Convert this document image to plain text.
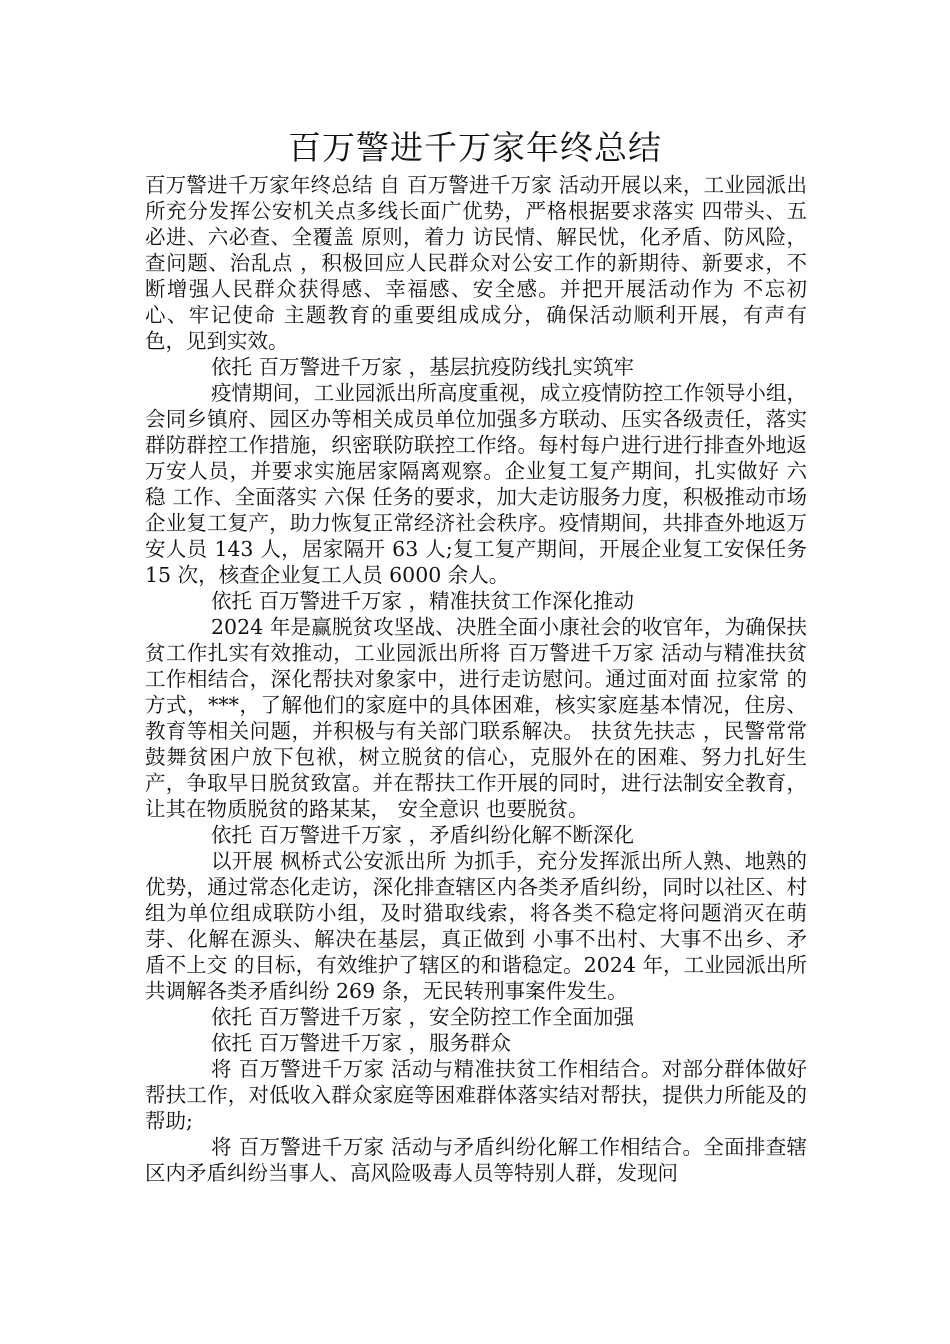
百万警进千万家年终总结

百万警进千万家年终总结 自 百万警进千万家 活动开展以来，工业园派出所充分发挥公安机关点多线长面广优势，严格根据要求落实 四带头、五必进、六必查、全覆盖 原则，着力 访民情、解民忧，化矛盾、防风险，查问题、治乱点 ，积极回应人民群众对公安工作的新期待、新要求，不断增强人民群众获得感、幸福感、安全感。并把开展活动作为 不忘初心、牢记使命 主题教育的重要组成成分，确保活动顺利开展，有声有色，见到实效。

依托 百万警进千万家 ，基层抗疫防线扎实筑牢

疫情期间，工业园派出所高度重视，成立疫情防控工作领导小组，会同乡镇府、园区办等相关成员单位加强多方联动、压实各级责任，落实群防群控工作措施，织密联防联控工作络。每村每户进行进行排查外地返万安人员，并要求实施居家隔离观察。企业复工复产期间，扎实做好 六稳 工作、全面落实 六保 任务的要求，加大走访服务力度，积极推动市场企业复工复产，助力恢复正常经济社会秩序。疫情期间，共排查外地返万安人员 143 人，居家隔开 63 人;复工复产期间，开展企业复工安保任务 15 次，核查企业复工人员 6000 余人。

依托 百万警进千万家 ，精准扶贫工作深化推动

2024 年是赢脱贫攻坚战、决胜全面小康社会的收官年，为确保扶贫工作扎实有效推动，工业园派出所将 百万警进千万家 活动与精准扶贫工作相结合，深化帮扶对象家中，进行走访慰问。通过面对面 拉家常 的方式，***，了解他们的家庭中的具体困难，核实家庭基本情况，住房、教育等相关问题，并积极与有关部门联系解决。 扶贫先扶志 ，民警常常鼓舞贫困户放下包袱，树立脱贫的信心，克服外在的困难、努力扎好生产，争取早日脱贫致富。并在帮扶工作开展的同时，进行法制安全教育，让其在物质脱贫的路某某， 安全意识 也要脱贫。

依托 百万警进千万家 ，矛盾纠纷化解不断深化

以开展 枫桥式公安派出所 为抓手，充分发挥派出所人熟、地熟的优势，通过常态化走访，深化排查辖区内各类矛盾纠纷，同时以社区、村组为单位组成联防小组，及时猎取线索，将各类不稳定将问题消灭在萌芽、化解在源头、解决在基层，真正做到 小事不出村、大事不出乡、矛盾不上交 的目标，有效维护了辖区的和谐稳定。2024 年，工业园派出所共调解各类矛盾纠纷 269 条，无民转刑事案件发生。

依托 百万警进千万家 ，安全防控工作全面加强

依托 百万警进千万家 ，服务群众

将 百万警进千万家 活动与精准扶贫工作相结合。对部分群体做好帮扶工作，对低收入群众家庭等困难群体落实结对帮扶，提供力所能及的帮助;

将 百万警进千万家 活动与矛盾纠纷化解工作相结合。全面排查辖区内矛盾纠纷当事人、高风险吸毒人员等特别人群，发现问
